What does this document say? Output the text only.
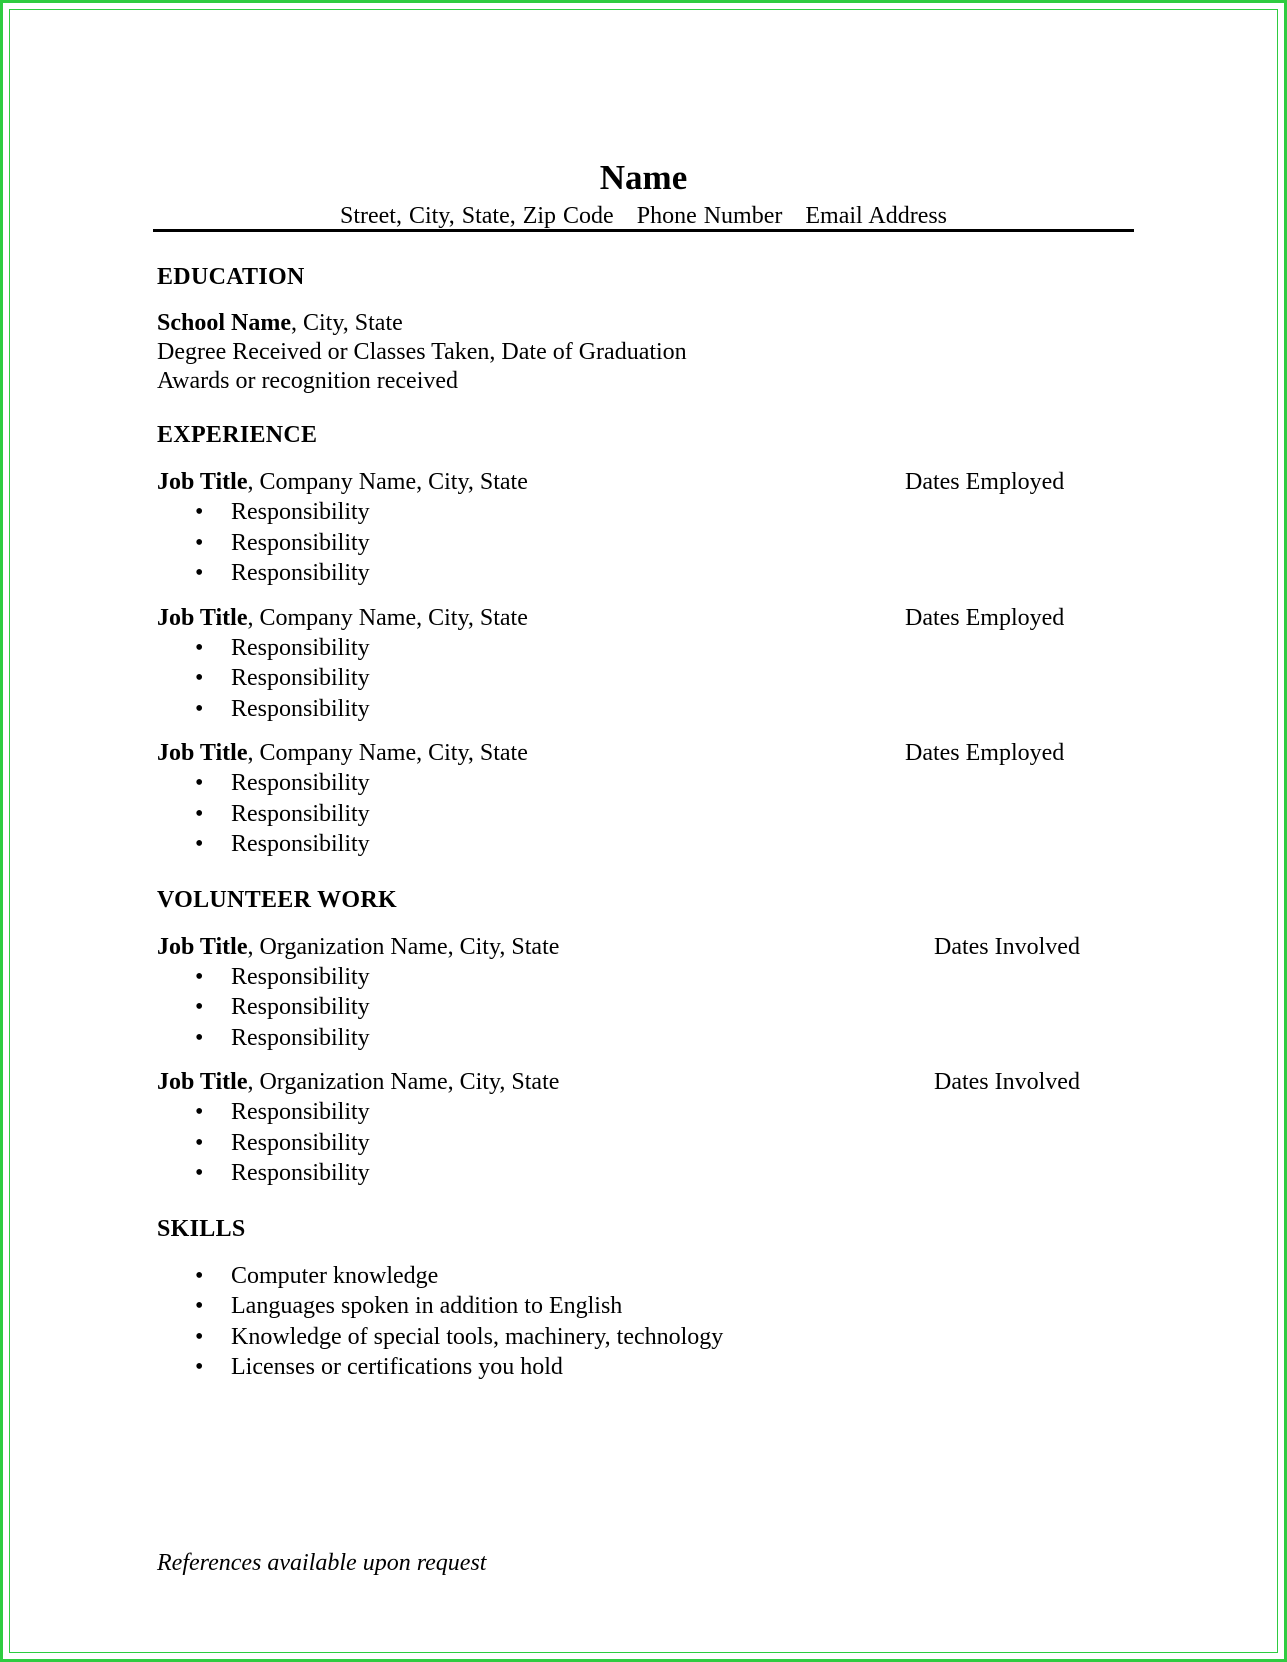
Name
Street, City, State, Zip Code Phone Number Email Address
EDUCATION
School Name, City, State
Degree Received or Classes Taken, Date of Graduation
Awards or recognition received
EXPERIENCE
Job Title, Company Name, City, State	Dates Employed
• Responsibility
• Responsibility
• Responsibility
Job Title, Company Name, City, State	Dates Employed
• Responsibility
• Responsibility
• Responsibility
Job Title, Company Name, City, State	Dates Employed
• Responsibility
• Responsibility
• Responsibility
VOLUNTEER WORK
Job Title, Organization Name, City, State	Dates Involved
• Responsibility
• Responsibility
• Responsibility
Job Title, Organization Name, City, State	Dates Involved
• Responsibility
• Responsibility
• Responsibility
SKILLS
• Computer knowledge
• Languages spoken in addition to English
• Knowledge of special tools, machinery, technology
• Licenses or certifications you hold
References available upon request
